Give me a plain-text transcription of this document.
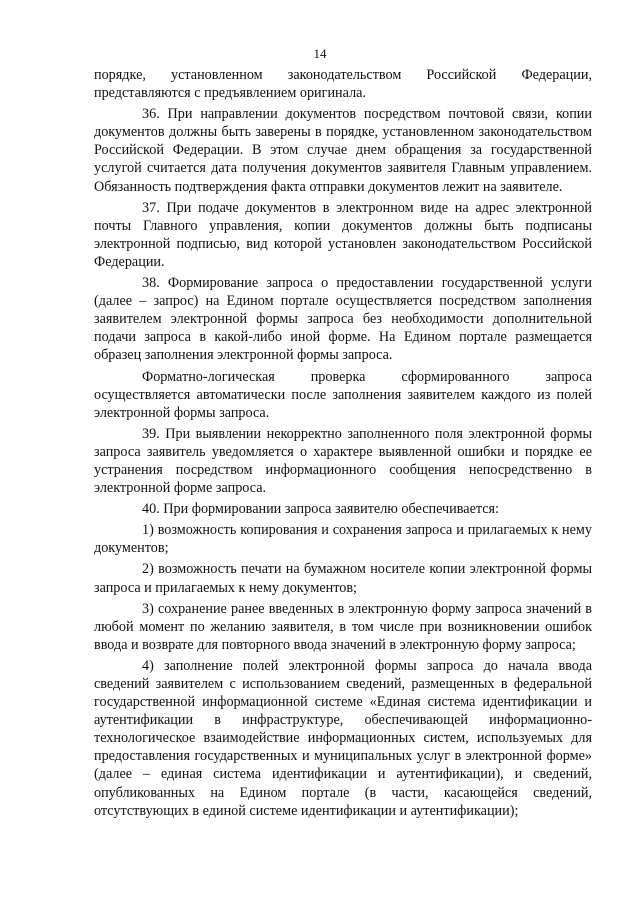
14

порядке, установленном законодательством Российской Федерации, представляются с предъявлением оригинала.

36. При направлении документов посредством почтовой связи, копии документов должны быть заверены в порядке, установленном законодательством Российской Федерации. В этом случае днем обращения за государственной услугой считается дата получения документов заявителя Главным управлением. Обязанность подтверждения факта отправки документов лежит на заявителе.

37. При подаче документов в электронном виде на адрес электронной почты Главного управления, копии документов должны быть подписаны электронной подписью, вид которой установлен законодательством Российской Федерации.

38. Формирование запроса о предоставлении государственной услуги (далее – запрос) на Едином портале осуществляется посредством заполнения заявителем электронной формы запроса без необходимости дополнительной подачи запроса в какой-либо иной форме. На Едином портале размещается образец заполнения электронной формы запроса.

Форматно-логическая проверка сформированного запроса осуществляется автоматически после заполнения заявителем каждого из полей электронной формы запроса.

39. При выявлении некорректно заполненного поля электронной формы запроса заявитель уведомляется о характере выявленной ошибки и порядке ее устранения посредством информационного сообщения непосредственно в электронной форме запроса.

40. При формировании запроса заявителю обеспечивается:

1) возможность копирования и сохранения запроса и прилагаемых к нему документов;

2) возможность печати на бумажном носителе копии электронной формы запроса и прилагаемых к нему документов;

3) сохранение ранее введенных в электронную форму запроса значений в любой момент по желанию заявителя, в том числе при возникновении ошибок ввода и возврате для повторного ввода значений в электронную форму запроса;

4) заполнение полей электронной формы запроса до начала ввода сведений заявителем с использованием сведений, размещенных в федеральной государственной информационной системе «Единая система идентификации и аутентификации в инфраструктуре, обеспечивающей информационно-технологическое взаимодействие информационных систем, используемых для предоставления государственных и муниципальных услуг в электронной форме» (далее – единая система идентификации и аутентификации), и сведений, опубликованных на Едином портале (в части, касающейся сведений, отсутствующих в единой системе идентификации и аутентификации);
